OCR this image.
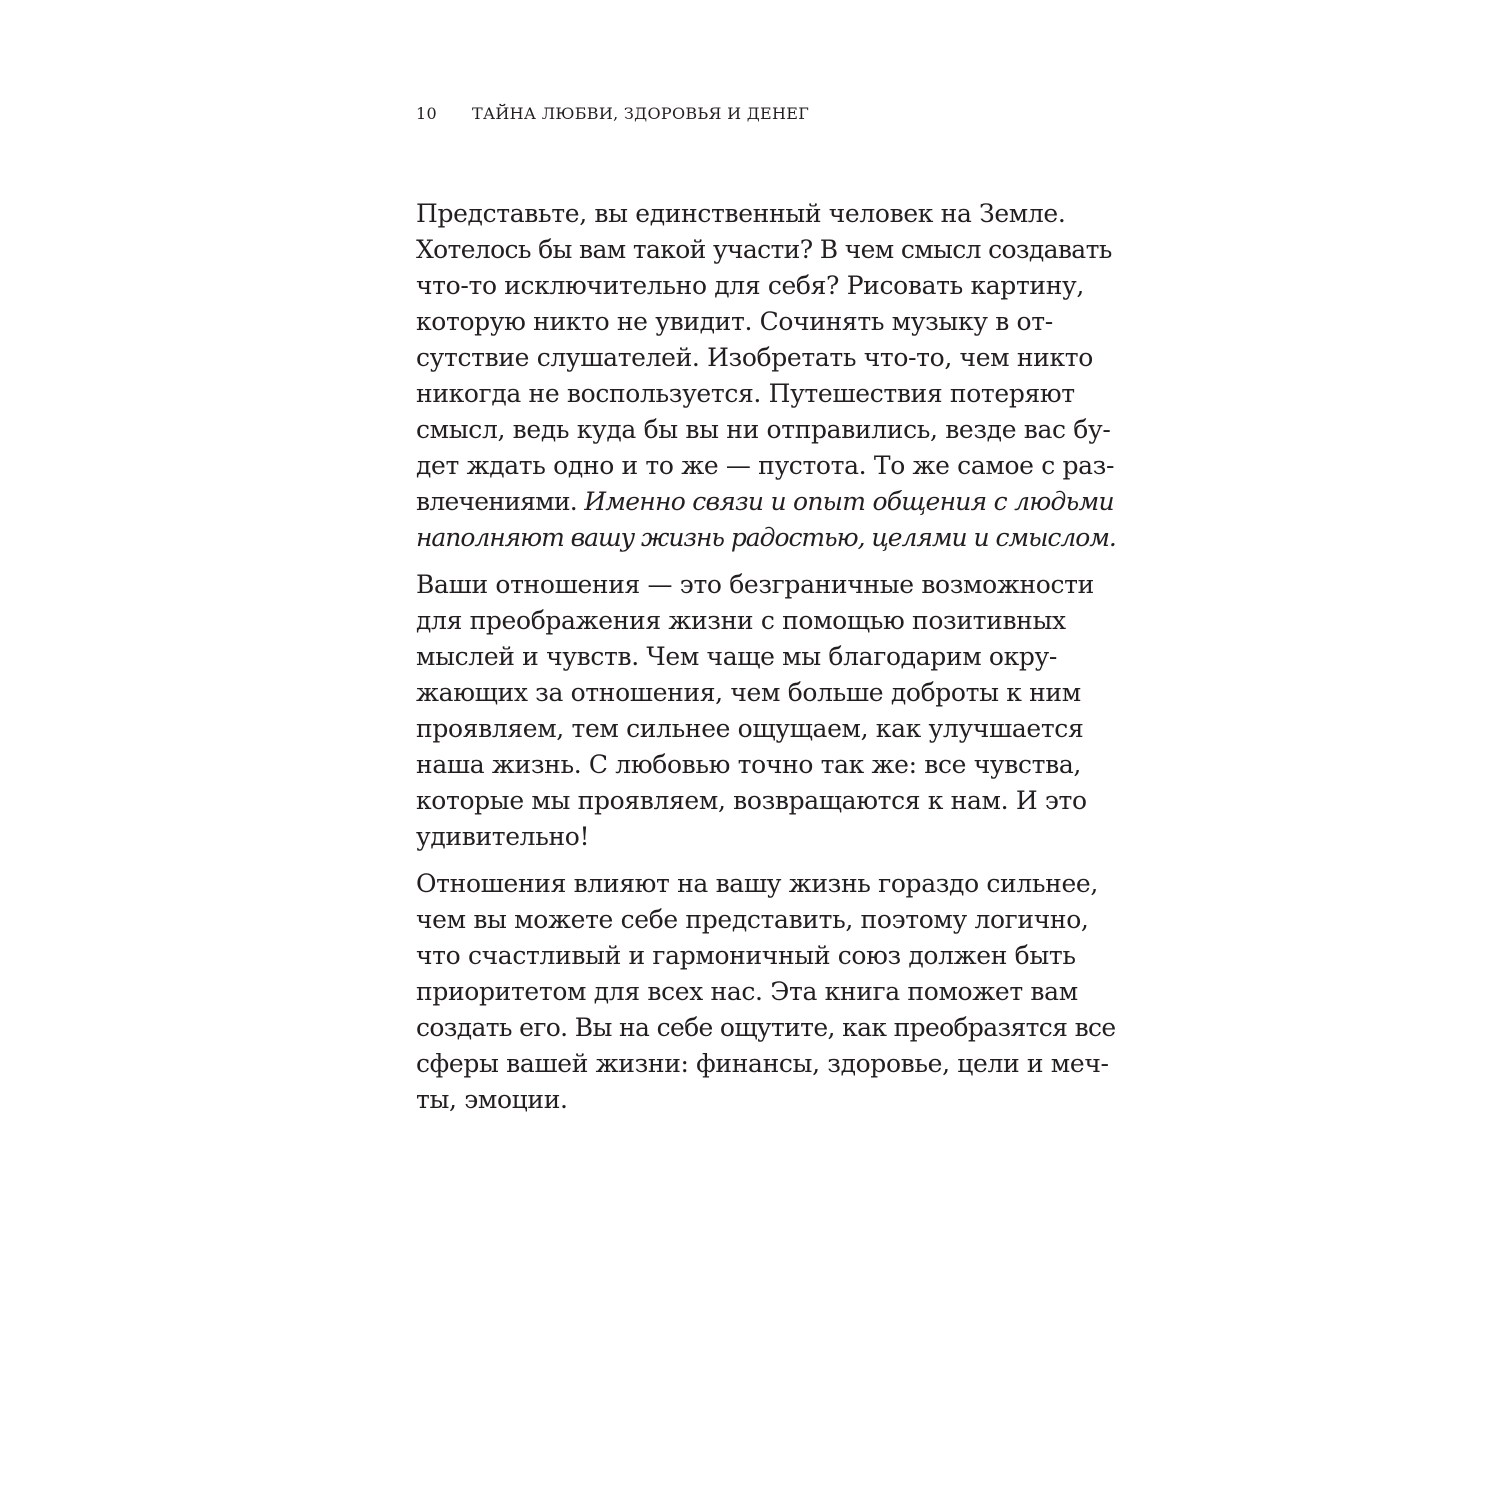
10	ТАЙНА ЛЮБВИ, ЗДОРОВЬЯ И ДЕНЕГ
Представьте, вы единственный человек на Земле.
Хотелось бы вам такой участи? В чем смысл создавать
что-то исключительно для себя? Рисовать картину,
которую никто не увидит. Сочинять музыку в от-
сутствие слушателей. Изобретать что-то, чем никто
никогда не воспользуется. Путешествия потеряют
смысл, ведь куда бы вы ни отправились, везде вас бу-
дет ждать одно и то же — пустота. То же самое с раз-
влечениями. Именно связи и опыт общения с людьми
наполняют вашу жизнь радостью, целями и смыслом.
Ваши отношения — это безграничные возможности
для преображения жизни с помощью позитивных
мыслей и чувств. Чем чаще мы благодарим окру-
жающих за отношения, чем больше доброты к ним
проявляем, тем сильнее ощущаем, как улучшается
наша жизнь. С любовью точно так же: все чувства,
которые мы проявляем, возвращаются к нам. И это
удивительно!
Отношения влияют на вашу жизнь гораздо сильнее,
чем вы можете себе представить, поэтому логично,
что счастливый и гармоничный союз должен быть
приоритетом для всех нас. Эта книга поможет вам
создать его. Вы на себе ощутите, как преобразятся все
сферы вашей жизни: финансы, здоровье, цели и меч-
ты, эмоции.
